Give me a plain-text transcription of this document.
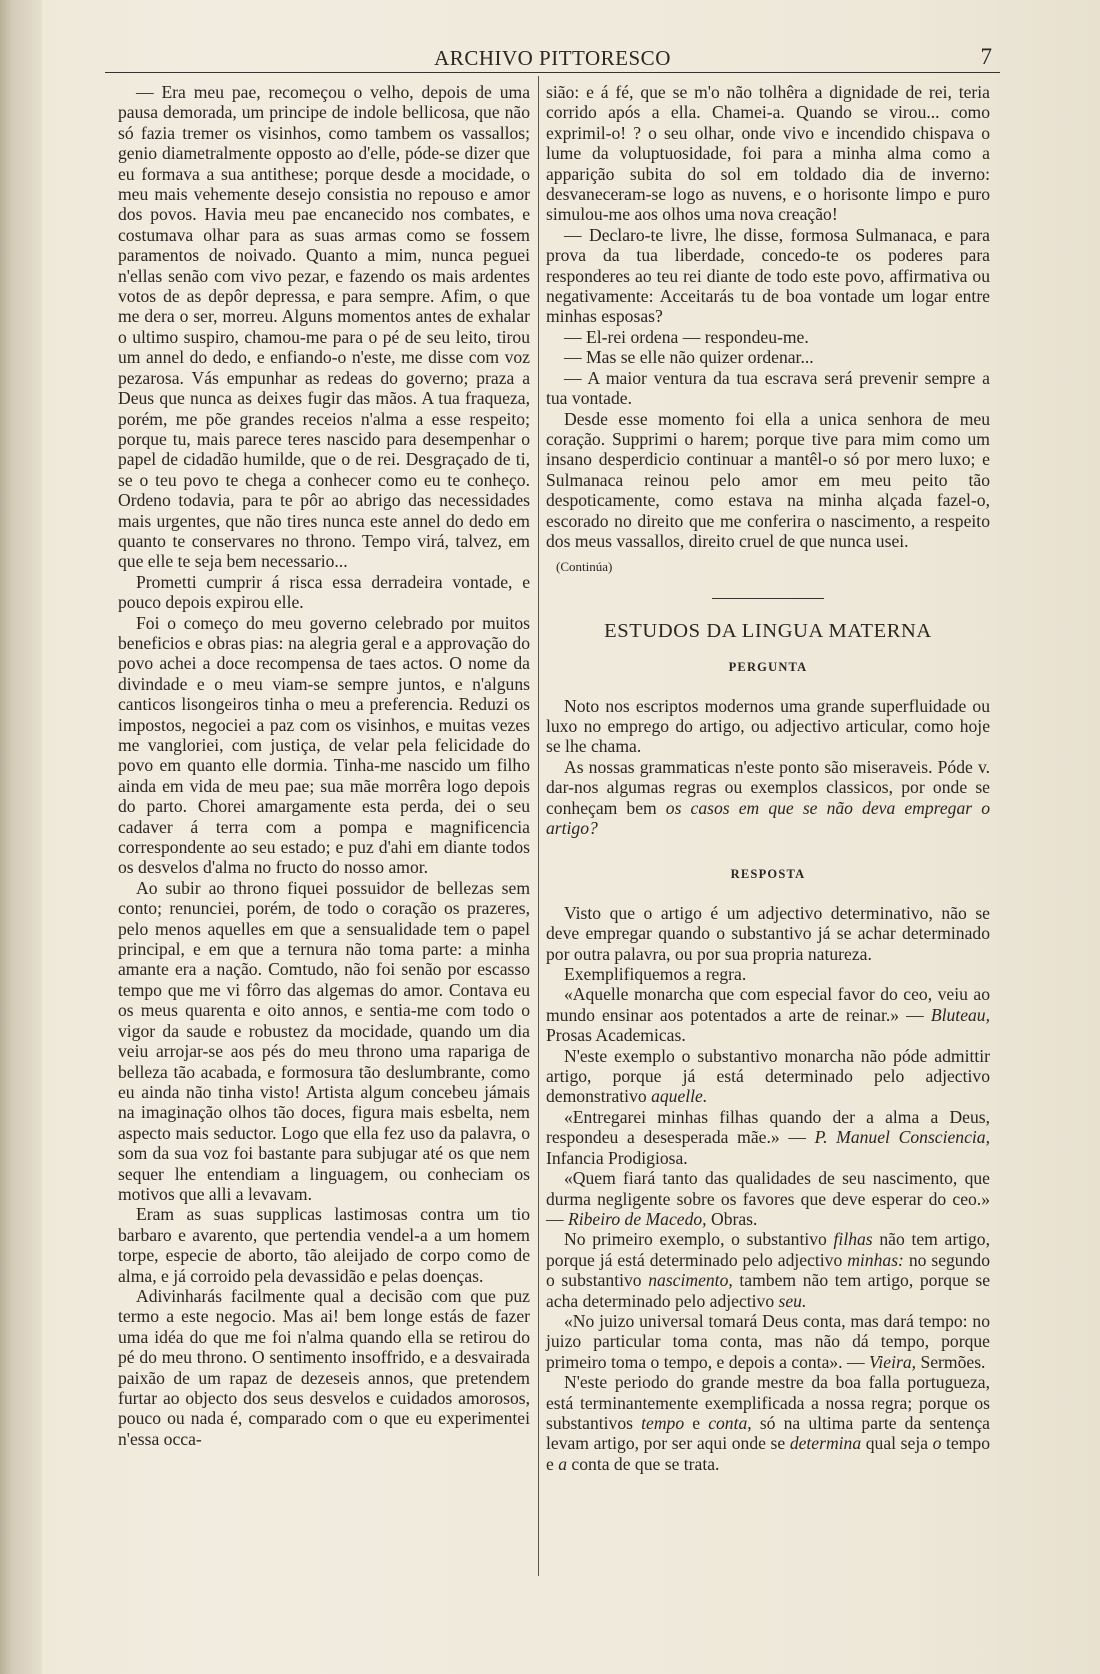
ARCHIVO PITTORESCO	7

— Era meu pae, recomeçou o velho, depois de uma pausa demorada, um principe de indole bellicosa, que não só fazia tremer os visinhos, como tambem os vassallos; genio diametralmente opposto ao d'elle, póde-se dizer que eu formava a sua antithese; porque desde a mocidade, o meu mais vehemente desejo consistia no repouso e amor dos povos. Havia meu pae encanecido nos combates, e costumava olhar para as suas armas como se fossem paramentos de noivado. Quanto a mim, nunca peguei n'ellas senão com vivo pezar, e fazendo os mais ardentes votos de as depôr depressa, e para sempre. Afim, o que me dera o ser, morreu. Alguns momentos antes de exhalar o ultimo suspiro, chamou-me para o pé de seu leito, tirou um annel do dedo, e enfiando-o n'este, me disse com voz pezarosa. Vás empunhar as redeas do governo; praza a Deus que nunca as deixes fugir das mãos. A tua fraqueza, porém, me põe grandes receios n'alma a esse respeito; porque tu, mais parece teres nascido para desempenhar o papel de cidadão humilde, que o de rei. Desgraçado de ti, se o teu povo te chega a conhecer como eu te conheço. Ordeno todavia, para te pôr ao abrigo das necessidades mais urgentes, que não tires nunca este annel do dedo em quanto te conservares no throno. Tempo virá, talvez, em que elle te seja bem necessario...

Prometti cumprir á risca essa derradeira vontade, e pouco depois expirou elle.

Foi o começo do meu governo celebrado por muitos beneficios e obras pias: na alegria geral e a approvação do povo achei a doce recompensa de taes actos. O nome da divindade e o meu viam-se sempre juntos, e n'alguns canticos lisongeiros tinha o meu a preferencia. Reduzi os impostos, negociei a paz com os visinhos, e muitas vezes me vangloriei, com justiça, de velar pela felicidade do povo em quanto elle dormia. Tinha-me nascido um filho ainda em vida de meu pae; sua mãe morrêra logo depois do parto. Chorei amargamente esta perda, dei o seu cadaver á terra com a pompa e magnificencia correspondente ao seu estado; e puz d'ahi em diante todos os desvelos d'alma no fructo do nosso amor.

Ao subir ao throno fiquei possuidor de bellezas sem conto; renunciei, porém, de todo o coração os prazeres, pelo menos aquelles em que a sensualidade tem o papel principal, e em que a ternura não toma parte: a minha amante era a nação. Comtudo, não foi senão por escasso tempo que me vi fôrro das algemas do amor. Contava eu os meus quarenta e oito annos, e sentia-me com todo o vigor da saude e robustez da mocidade, quando um dia veiu arrojar-se aos pés do meu throno uma rapariga de belleza tão acabada, e formosura tão deslumbrante, como eu ainda não tinha visto! Artista algum concebeu jámais na imaginação olhos tão doces, figura mais esbelta, nem aspecto mais seductor. Logo que ella fez uso da palavra, o som da sua voz foi bastante para subjugar até os que nem sequer lhe entendiam a linguagem, ou conheciam os motivos que alli a levavam.

Eram as suas supplicas lastimosas contra um tio barbaro e avarento, que pertendia vendel-a a um homem torpe, especie de aborto, tão aleijado de corpo como de alma, e já corroido pela devassidão e pelas doenças.

Adivinharás facilmente qual a decisão com que puz termo a este negocio. Mas ai! bem longe estás de fazer uma idéa do que me foi n'alma quando ella se retirou do pé do meu throno. O sentimento insoffrido, e a desvairada paixão de um rapaz de dezeseis annos, que pretendem furtar ao objecto dos seus desvelos e cuidados amorosos, pouco ou nada é, comparado com o que eu experimentei n'essa occa-

sião: e á fé, que se m'o não tolhêra a dignidade de rei, teria corrido após a ella. Chamei-a. Quando se virou... como exprimil-o! ? o seu olhar, onde vivo e incendido chispava o lume da voluptuosidade, foi para a minha alma como a apparição subita do sol em toldado dia de inverno: desvaneceram-se logo as nuvens, e o horisonte limpo e puro simulou-me aos olhos uma nova creação!

— Declaro-te livre, lhe disse, formosa Sulmanaca, e para prova da tua liberdade, concedo-te os poderes para responderes ao teu rei diante de todo este povo, affirmativa ou negativamente: Acceitarás tu de boa vontade um logar entre minhas esposas?

— El-rei ordena — respondeu-me.

— Mas se elle não quizer ordenar...

— A maior ventura da tua escrava será prevenir sempre a tua vontade.

Desde esse momento foi ella a unica senhora de meu coração. Supprimi o harem; porque tive para mim como um insano desperdicio continuar a mantêl-o só por mero luxo; e Sulmanaca reinou pelo amor em meu peito tão despoticamente, como estava na minha alçada fazel-o, escorado no direito que me conferira o nascimento, a respeito dos meus vassallos, direito cruel de que nunca usei.

(Continúa)

ESTUDOS DA LINGUA MATERNA

PERGUNTA

Noto nos escriptos modernos uma grande superfluidade ou luxo no emprego do artigo, ou adjectivo articular, como hoje se lhe chama.

As nossas grammaticas n'este ponto são miseraveis. Póde v. dar-nos algumas regras ou exemplos classicos, por onde se conheçam bem os casos em que se não deva empregar o artigo?

RESPOSTA

Visto que o artigo é um adjectivo determinativo, não se deve empregar quando o substantivo já se achar determinado por outra palavra, ou por sua propria natureza.

Exemplifiquemos a regra.

«Aquelle monarcha que com especial favor do ceo, veiu ao mundo ensinar aos potentados a arte de reinar.» — Bluteau, Prosas Academicas.

N'este exemplo o substantivo monarcha não póde admittir artigo, porque já está determinado pelo adjectivo demonstrativo aquelle.

«Entregarei minhas filhas quando der a alma a Deus, respondeu a desesperada mãe.» — P. Manuel Consciencia, Infancia Prodigiosa.

«Quem fiará tanto das qualidades de seu nascimento, que durma negligente sobre os favores que deve esperar do ceo.» — Ribeiro de Macedo, Obras.

No primeiro exemplo, o substantivo filhas não tem artigo, porque já está determinado pelo adjectivo minhas: no segundo o substantivo nascimento, tambem não tem artigo, porque se acha determinado pelo adjectivo seu.

«No juizo universal tomará Deus conta, mas dará tempo: no juizo particular toma conta, mas não dá tempo, porque primeiro toma o tempo, e depois a conta». — Vieira, Sermões.

N'este periodo do grande mestre da boa falla portugueza, está terminantemente exemplificada a nossa regra; porque os substantivos tempo e conta, só na ultima parte da sentença levam artigo, por ser aqui onde se determina qual seja o tempo e a conta de que se trata.
